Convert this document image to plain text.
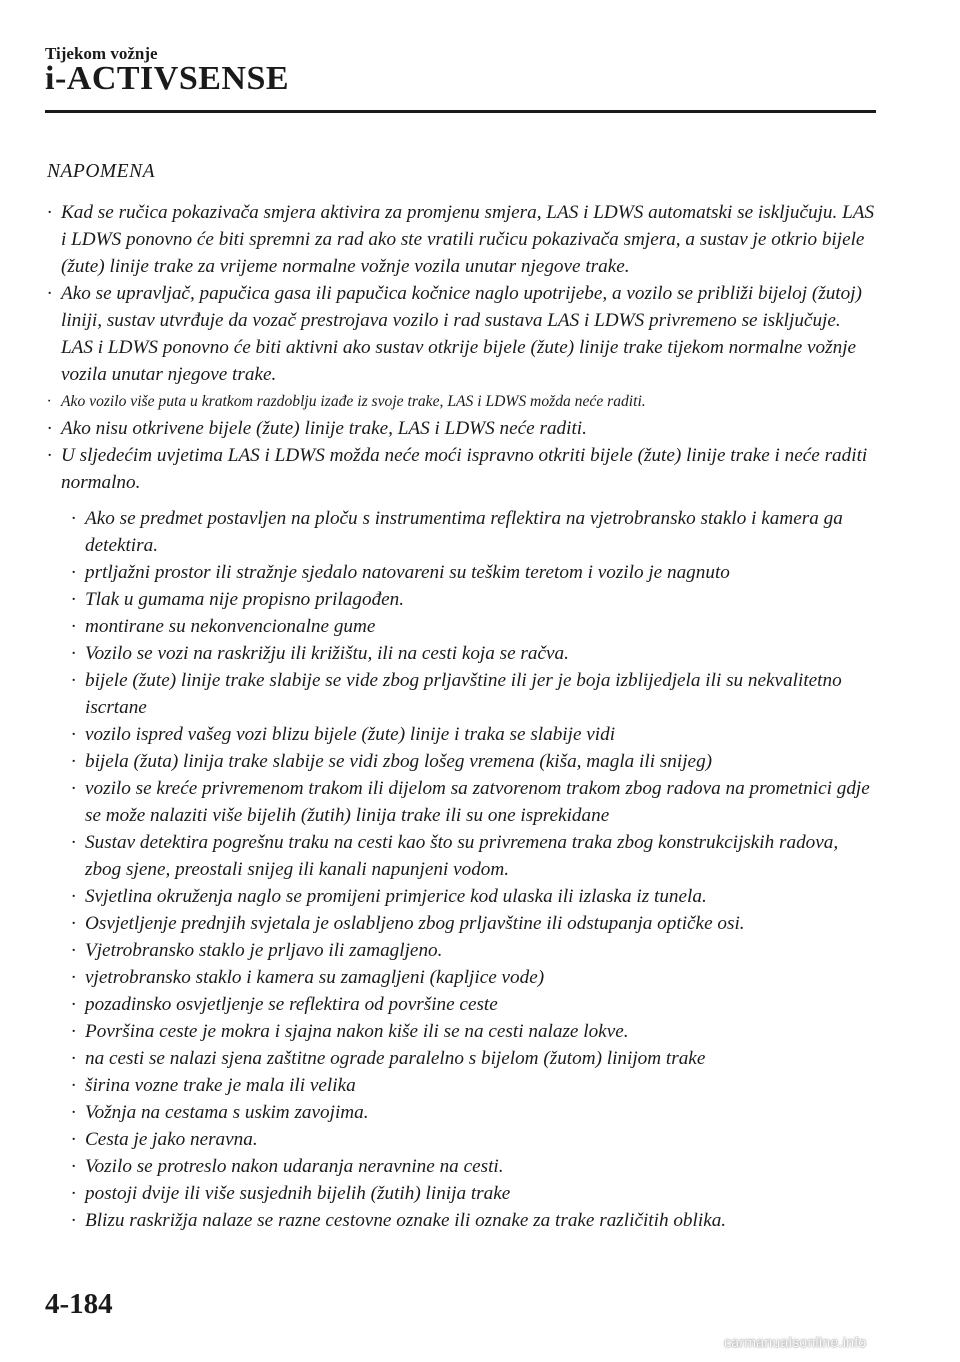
Tijekom vožnje
i-ACTIVSENSE
NAPOMENA
· Kad se ručica pokazivača smjera aktivira za promjenu smjera, LAS i LDWS automatski se isključuju. LAS i LDWS ponovno će biti spremni za rad ako ste vratili ručicu pokazivača smjera, a sustav je otkrio bijele (žute) linije trake za vrijeme normalne vožnje vozila unutar njegove trake.
· Ako se upravljač, papučica gasa ili papučica kočnice naglo upotrijebe, a vozilo se približi bijeloj (žutoj) liniji, sustav utvrđuje da vozač prestrojava vozilo i rad sustava LAS i LDWS privremeno se isključuje. LAS i LDWS ponovno će biti aktivni ako sustav otkrije bijele (žute) linije trake tijekom normalne vožnje vozila unutar njegove trake.
· Ako vozilo više puta u kratkom razdoblju izađe iz svoje trake, LAS i LDWS možda neće raditi.
· Ako nisu otkrivene bijele (žute) linije trake, LAS i LDWS neće raditi.
· U sljedećim uvjetima LAS i LDWS možda neće moći ispravno otkriti bijele (žute) linije trake i neće raditi normalno.
· Ako se predmet postavljen na ploču s instrumentima reflektira na vjetrobransko staklo i kamera ga detektira.
· prtljažni prostor ili stražnje sjedalo natovareni su teškim teretom i vozilo je nagnuto
· Tlak u gumama nije propisno prilagođen.
· montirane su nekonvencionalne gume
· Vozilo se vozi na raskrižju ili križištu, ili na cesti koja se račva.
· bijele (žute) linije trake slabije se vide zbog prljavštine ili jer je boja izblijedjela ili su nekvalitetno iscrtane
· vozilo ispred vašeg vozi blizu bijele (žute) linije i traka se slabije vidi
· bijela (žuta) linija trake slabije se vidi zbog lošeg vremena (kiša, magla ili snijeg)
· vozilo se kreće privremenom trakom ili dijelom sa zatvorenom trakom zbog radova na prometnici gdje se može nalaziti više bijelih (žutih) linija trake ili su one isprekidane
· Sustav detektira pogrešnu traku na cesti kao što su privremena traka zbog konstrukcijskih radova, zbog sjene, preostali snijeg ili kanali napunjeni vodom.
· Svjetlina okruženja naglo se promijeni primjerice kod ulaska ili izlaska iz tunela.
· Osvjetljenje prednjih svjetala je oslabljeno zbog prljavštine ili odstupanja optičke osi.
· Vjetrobransko staklo je prljavo ili zamagljeno.
· vjetrobransko staklo i kamera su zamagljeni (kapljice vode)
· pozadinsko osvjetljenje se reflektira od površine ceste
· Površina ceste je mokra i sjajna nakon kiše ili se na cesti nalaze lokve.
· na cesti se nalazi sjena zaštitne ograde paralelno s bijelom (žutom) linijom trake
· širina vozne trake je mala ili velika
· Vožnja na cestama s uskim zavojima.
· Cesta je jako neravna.
· Vozilo se protreslo nakon udaranja neravnine na cesti.
· postoji dvije ili više susjednih bijelih (žutih) linija trake
· Blizu raskrižja nalaze se razne cestovne oznake ili oznake za trake različitih oblika.
4-184
carmanualsonline.info
